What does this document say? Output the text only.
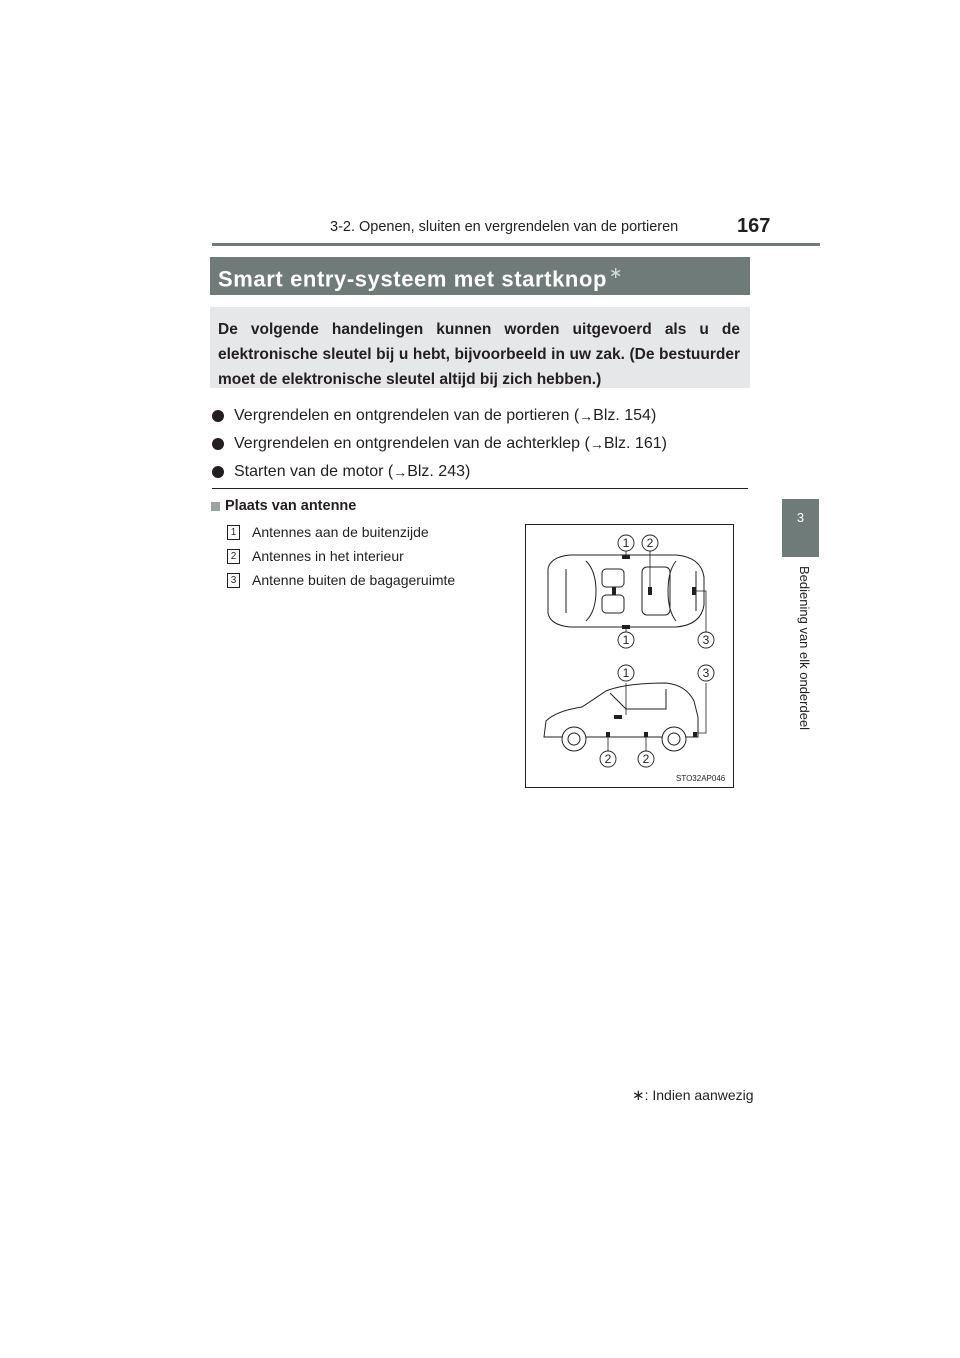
3-2. Openen, sluiten en vergrendelen van de portieren	167
3
Bediening van elk onderdeel
Smart entry-systeem met startknop ∗

De volgende handelingen kunnen worden uitgevoerd als u de elektronische sleutel bij u hebt, bijvoorbeeld in uw zak. (De bestuurder moet de elektronische sleutel altijd bij zich hebben.)

Vergrendelen en ontgrendelen van de portieren ( → Blz. 154)
Vergrendelen en ontgrendelen van de achterklep ( → Blz. 161)
Starten van de motor ( → Blz. 243)
Plaats van antenne
1 Antennes aan de buitenzijde
2 Antennes in het interieur
3 Antenne buiten de bagageruimte
1 2
1	3
1	3
2	2
STO32AP046
∗: Indien aanwezig
